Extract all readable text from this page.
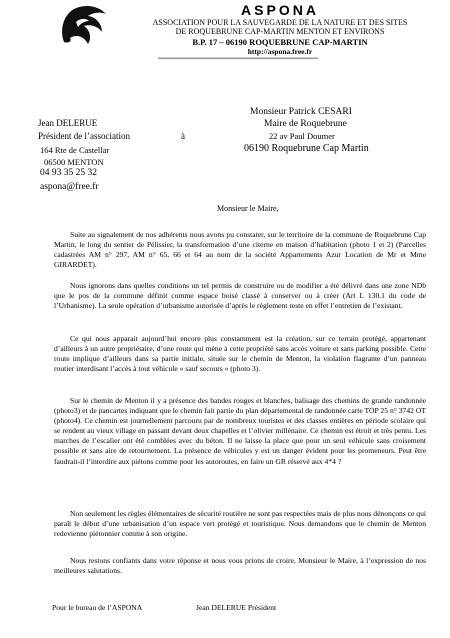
ASPONA
ASSOCIATION POUR LA SAUVEGARDE DE LA NATURE ET DES SITES
DE ROQUEBRUNE CAP-MARTIN MENTON ET ENVIRONS
B.P. 17 – 06190 ROQUEBRUNE CAP-MARTIN
http://aspona.free.fr
Jean DELERUE
Président de l’association	à
164 Rte de Castellar
06500 MENTON
04 93 35 25 32
aspona@free.fr
Monsieur Patrick CESARI
Maire de Roquebrune
22 av Paul Doumer
06190 Roquebrune Cap Martin
Monsieur le Maire,

Suite au signalement de nos adhérents nous avons pu constater, sur le territoire de la commune de Roquebrune Cap Martin, le long du sentier de Pélissier, la transformation d’une citerne en maison d’habitation (photo 1 et 2) (Parcelles cadastrées AM n° 297, AM n° 65, 66 et 64 au nom de la société Appartements Azur Location de Mr et Mme GIRARDET).

Nous ignorons dans quelles conditions un tel permis de construire ou de modifier a été délivré dans une zone NDb que le pos de la commune définit comme espace boisé classé à conserver ou à créer (Art L 130.1 du code de l’Urbanisme). La seule opération d’urbanisme autorisée d’après le règlement reste en effet l’entretien de l’existant.

Ce qui nous apparait aujourd’hui encore plus constamment est la création, sur ce terrain protégé, appartenant d’ailleurs à un autre propriétaire, d’une route qui mène à cette propriété sans accès voiture et sans parking possible. Cette route implique d’ailleurs dans sa partie initiale, située sur le chemin de Menton, la violation flagrante d’un panneau routier interdisant l’accès à tout véhicule « sauf secours » (photo 3).

Sur le chemin de Menton il y a présence des bandes rouges et blanches, balisage des chemins de grande randonnée (photo3) et de pancartes indiquant que le chemin fait partie du plan départemental de randonnée carte TOP 25 n° 3742 OT (photo4). Ce chemin est journellement parcouru par de nombreux touristes et des classes entières en période scolaire qui se rendent au vieux village en passant devant deux chapelles et l’olivier millénaire. Ce chemin est étroit et très pentu. Les marches de l’escalier ont été comblées avec du béton. Il ne laisse la place que pour un seul véhicule sans croisement possible et sans aire de retournement. La présence de véhicules y est un danger évident pour les promeneurs. Peut être faudrait-il l’interdire aux piétons comme pour les autoroutes, en faire un GR réservé aux 4*4 ?

Non seulement les règles élémentaires de sécurité routière ne sont pas respectées mais de plus nous dénonçons ce qui paraît le début d’une urbanisation d’un espace vert protégé et touristique. Nous demandons que le chemin de Menton redevienne piétonnier comme à son origine.

Nous restons confiants dans votre réponse et nous vous prions de croire, Monsieur le Maire, à l’expression de nos meilleures salutations.

Pour le bureau de l’ASPONA	Jean DELERUE Président
